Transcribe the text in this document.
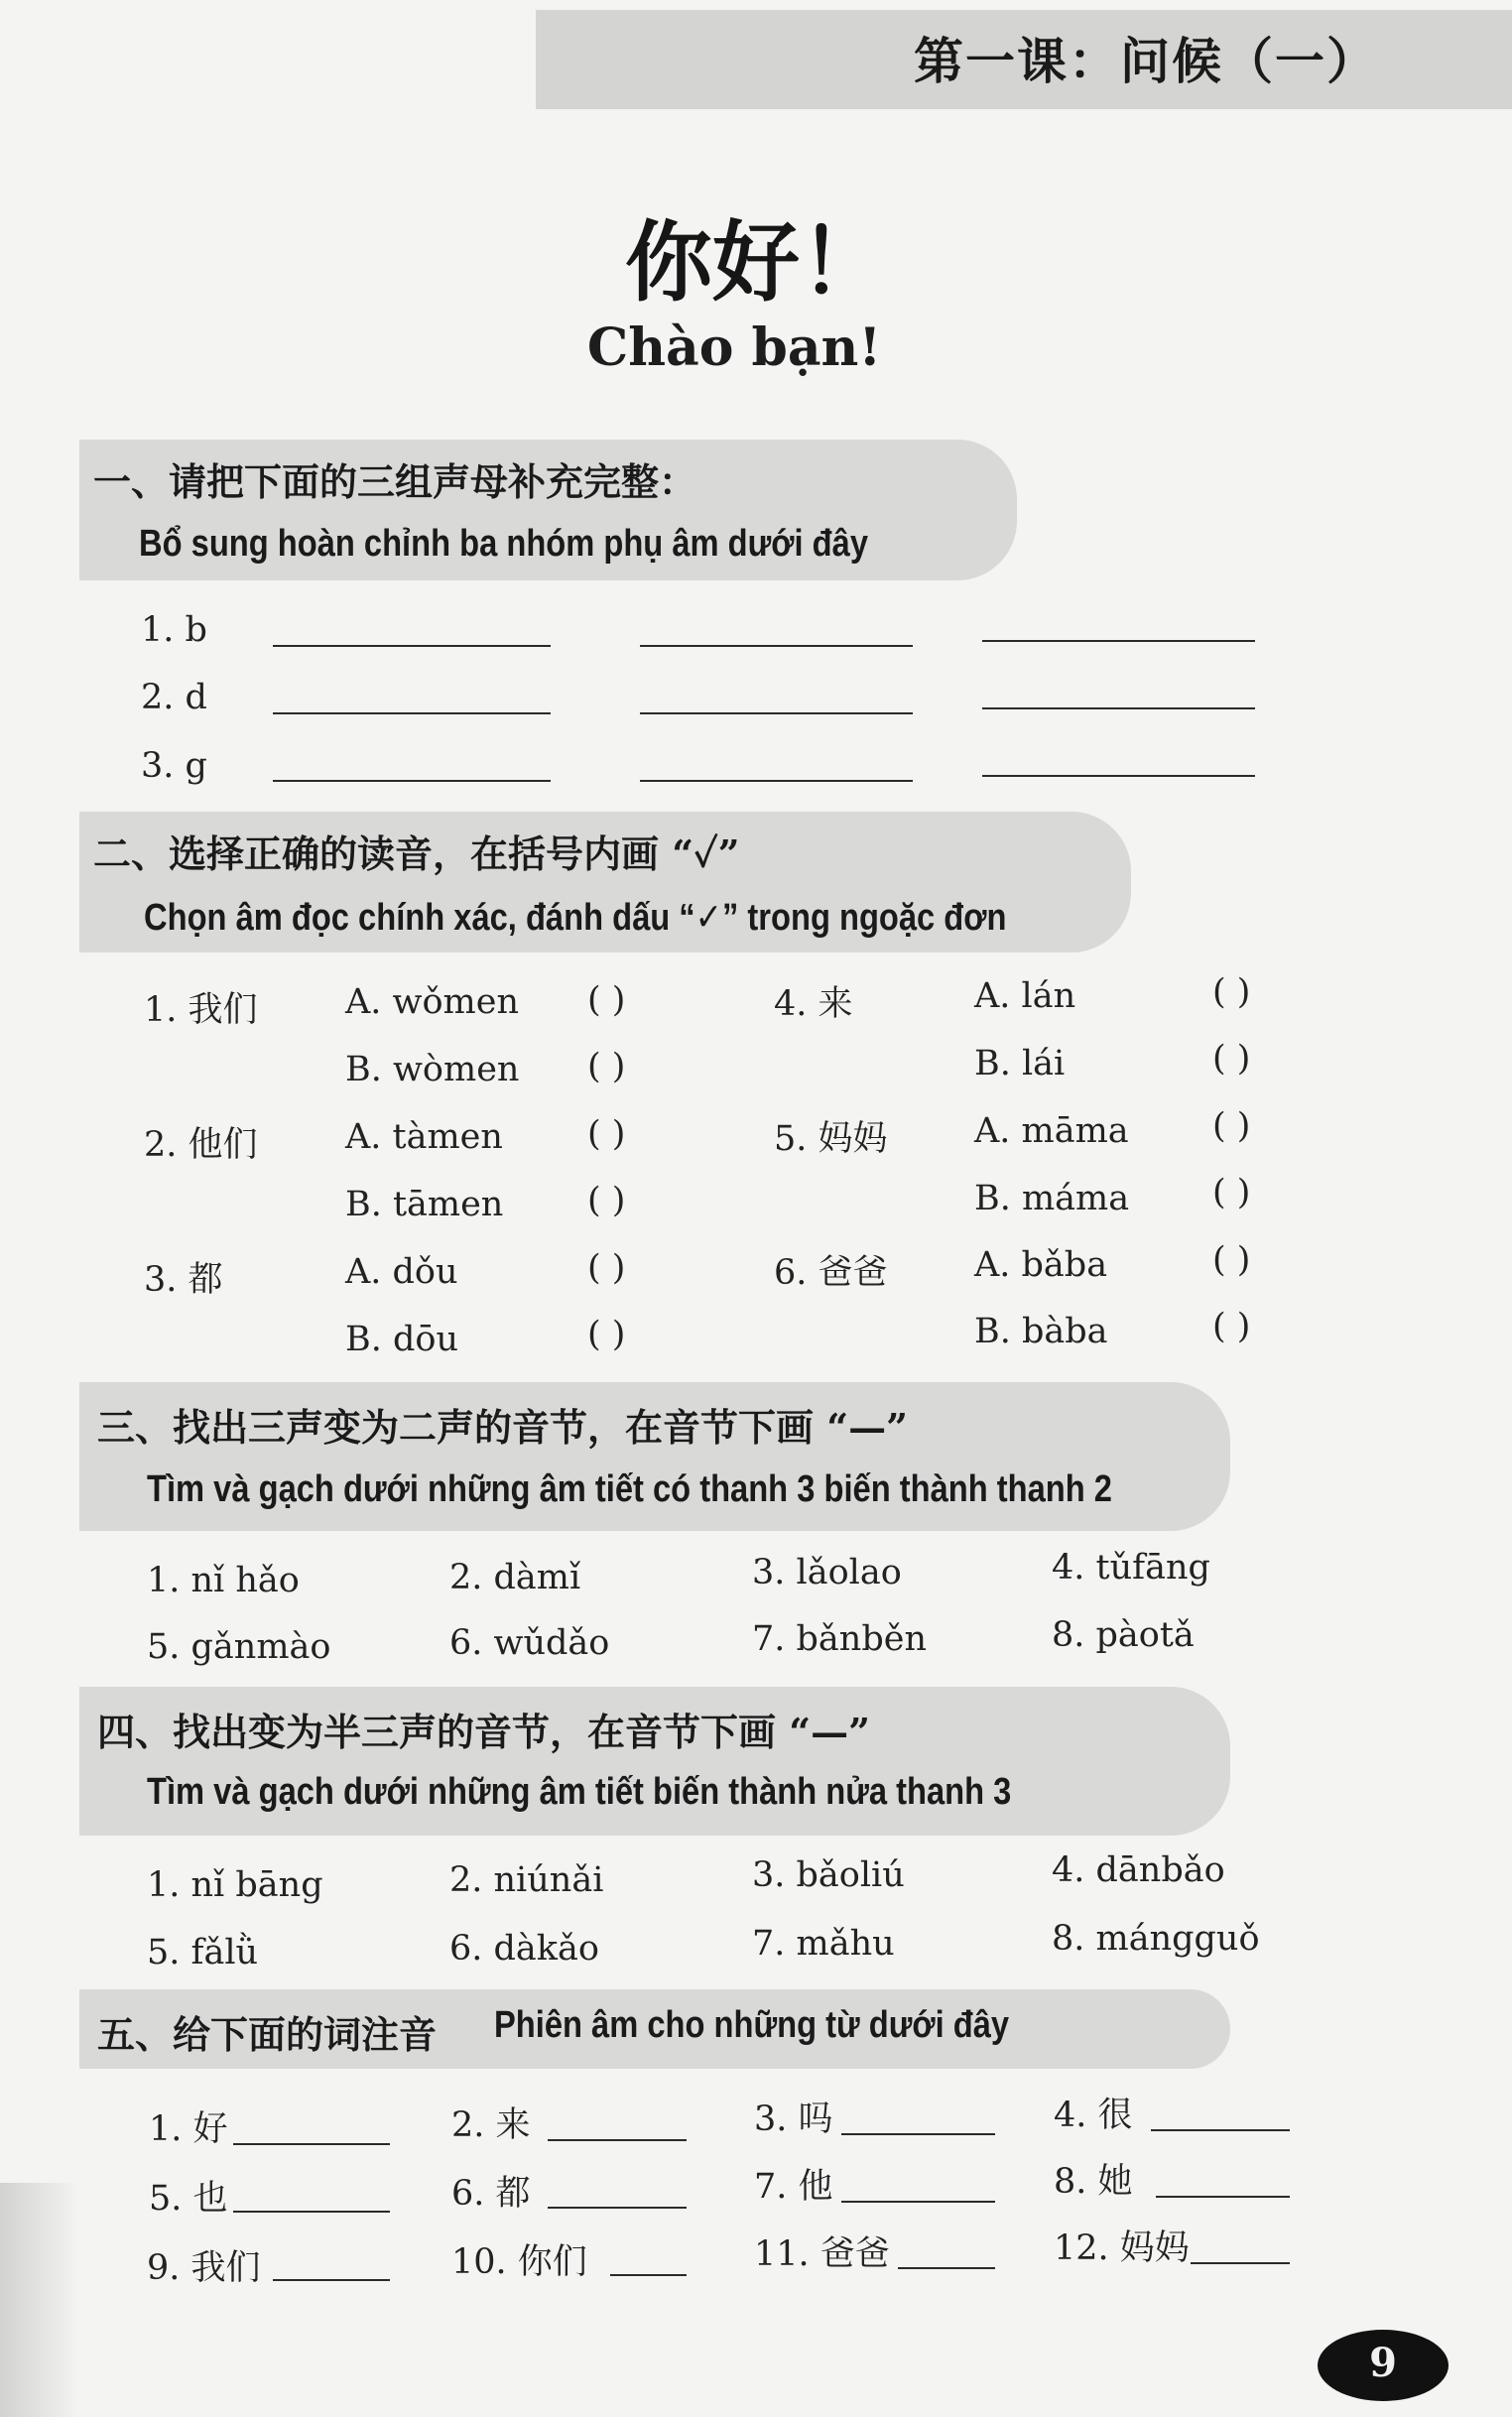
第一课：问候（一）
你好！
Chào bạn!
一、请把下面的三组声母补充完整：
Bổ sung hoàn chỉnh ba nhóm phụ âm dưới đây
1. b
2. d
3. g
二、选择正确的读音，在括号内画 “✓”
Chọn âm đọc chính xác, đánh dấu “✓” trong ngoặc đơn
1. 我们	A. wǒmen ( )
B. wòmen ( )
2. 他们	A. tàmen ( )
B. tāmen ( )
3. 都	A. dǒu	( )
B. dōu	( )
4. 来	A. lán	( )
B. lái	( )
5. 妈妈 A. māma ( )
B. máma ( )
6. 爸爸 A. bǎba	( )
B. bàba	( )
三、找出三声变为二声的音节，在音节下画 “—”
Tìm và gạch dưới những âm tiết có thanh 3 biến thành thanh 2
1. nǐ hǎo	2. dàmǐ	3. lǎolao	4. tǔfāng
5. gǎnmào	6. wǔdǎo	7. bǎnběn	8. pàotǎ
四、找出变为半三声的音节，在音节下画 “—”
Tìm và gạch dưới những âm tiết biến thành nửa thanh 3
1. nǐ bāng	2. niúnǎi	3. bǎoliú	4. dānbǎo
5. fǎlǜ	6. dàkǎo	7. mǎhu	8. mángguǒ
五、给下面的词注音 Phiên âm cho những từ dưới đây
1. 好	2. 来	3. 吗	4. 很
5. 也	6. 都	7. 他	8. 她
9. 我们	10. 你们	11. 爸爸	12. 妈妈
9
